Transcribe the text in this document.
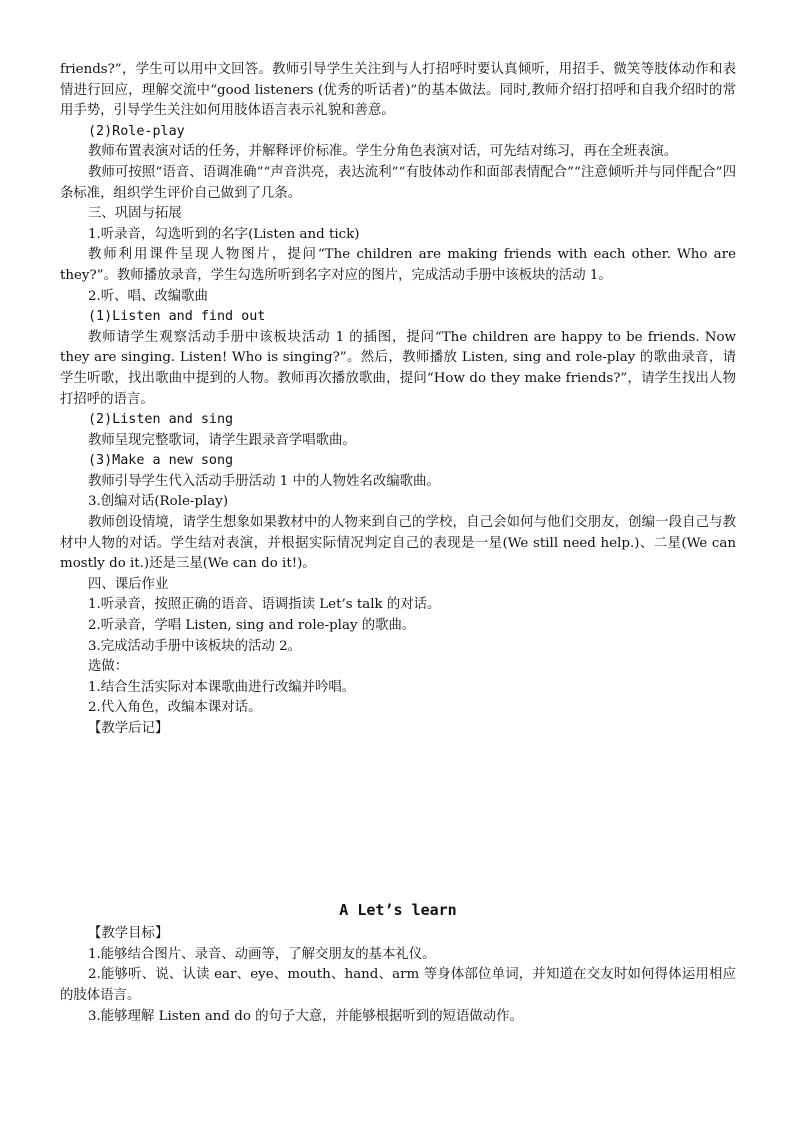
friends?”，学生可以用中文回答。教师引导学生关注到与人打招呼时要认真倾听，用招手、微笑等肢体动作和表情进行回应，理解交流中“good listeners (优秀的听话者)”的基本做法。同时,教师介绍打招呼和自我介绍时的常用手势，引导学生关注如何用肢体语言表示礼貌和善意。

(2)Role-play

教师布置表演对话的任务，并解释评价标准。学生分角色表演对话，可先结对练习，再在全班表演。

教师可按照“语音、语调准确”“声音洪亮，表达流利”“有肢体动作和面部表情配合”“注意倾听并与同伴配合”四条标准，组织学生评价自己做到了几条。

三、巩固与拓展

1.听录音，勾选听到的名字(Listen and tick)

教师利用课件呈现人物图片，提问“The children are making friends with each other. Who are they?”。教师播放录音，学生勾选所听到名字对应的图片，完成活动手册中该板块的活动 1。

2.听、唱、改编歌曲

(1)Listen and find out

教师请学生观察活动手册中该板块活动 1 的插图，提问“The children are happy to be friends. Now they are singing. Listen! Who is singing?”。然后，教师播放 Listen, sing and role-play 的歌曲录音，请学生听歌，找出歌曲中提到的人物。教师再次播放歌曲，提问“How do they make friends?”，请学生找出人物打招呼的语言。

(2)Listen and sing

教师呈现完整歌词，请学生跟录音学唱歌曲。

(3)Make a new song

教师引导学生代入活动手册活动 1 中的人物姓名改编歌曲。

3.创编对话(Role-play)

教师创设情境，请学生想象如果教材中的人物来到自己的学校，自己会如何与他们交朋友，创编一段自己与教材中人物的对话。学生结对表演，并根据实际情况判定自己的表现是一星(We still need help.)、二星(We can mostly do it.)还是三星(We can do it!)。

四、课后作业

1.听录音，按照正确的语音、语调指读 Let’s talk 的对话。

2.听录音，学唱 Listen, sing and role-play 的歌曲。

3.完成活动手册中该板块的活动 2。

选做：

1.结合生活实际对本课歌曲进行改编并吟唱。

2.代入角色，改编本课对话。

【教学后记】

A Let’s learn

【教学目标】

1.能够结合图片、录音、动画等，了解交朋友的基本礼仪。

2.能够听、说、认读 ear、eye、mouth、hand、arm 等身体部位单词，并知道在交友时如何得体运用相应的肢体语言。

3.能够理解 Listen and do 的句子大意，并能够根据听到的短语做动作。
